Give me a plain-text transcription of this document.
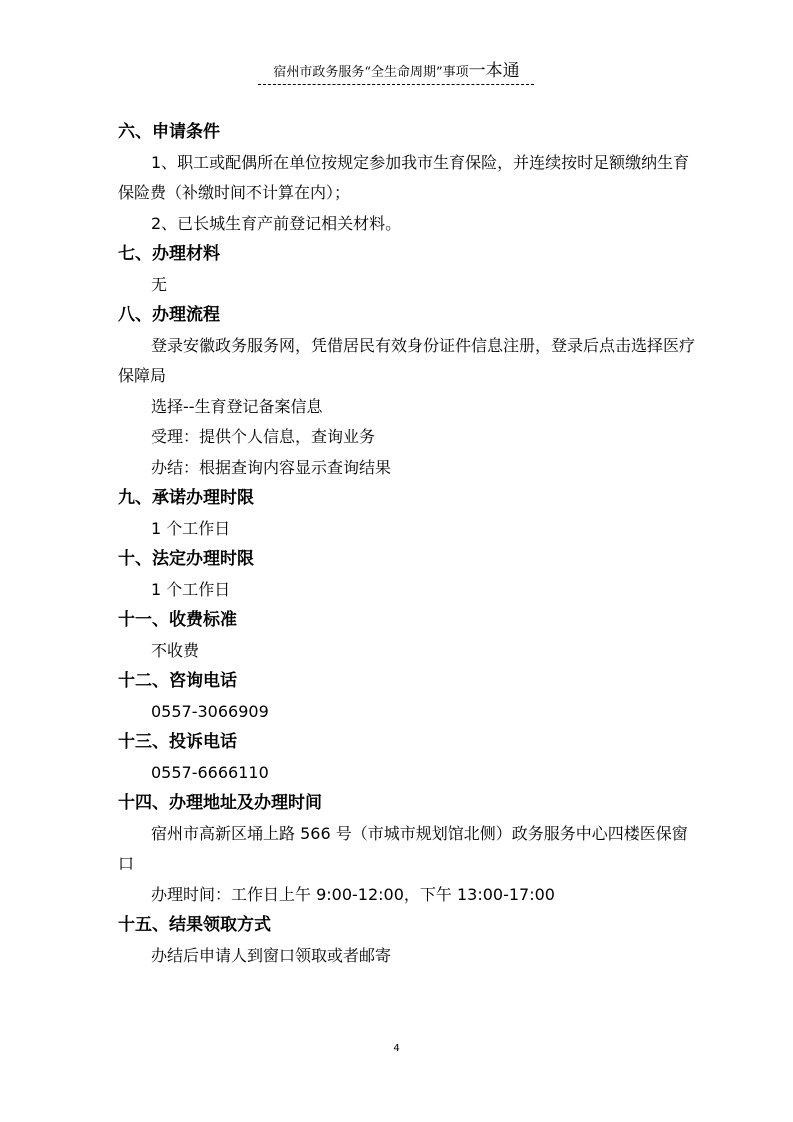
宿州市政务服务“全生命周期”事项一本通
六、申请条件
1、职工或配偶所在单位按规定参加我市生育保险，并连续按时足额缴纳生育保险费（补缴时间不计算在内）；
2、已长城生育产前登记相关材料。
七、办理材料
无
八、办理流程
登录安徽政务服务网，凭借居民有效身份证件信息注册，登录后点击选择医疗保障局
选择--生育登记备案信息
受理：提供个人信息，查询业务
办结：根据查询内容显示查询结果
九、承诺办理时限
1 个工作日
十、法定办理时限
1 个工作日
十一、收费标准
不收费
十二、咨询电话
0557-3066909
十三、投诉电话
0557-6666110
十四、办理地址及办理时间
宿州市高新区埇上路 566 号（市城市规划馆北侧）政务服务中心四楼医保窗口
办理时间：工作日上午 9:00-12:00，下午 13:00-17:00
十五、结果领取方式
办结后申请人到窗口领取或者邮寄
4
